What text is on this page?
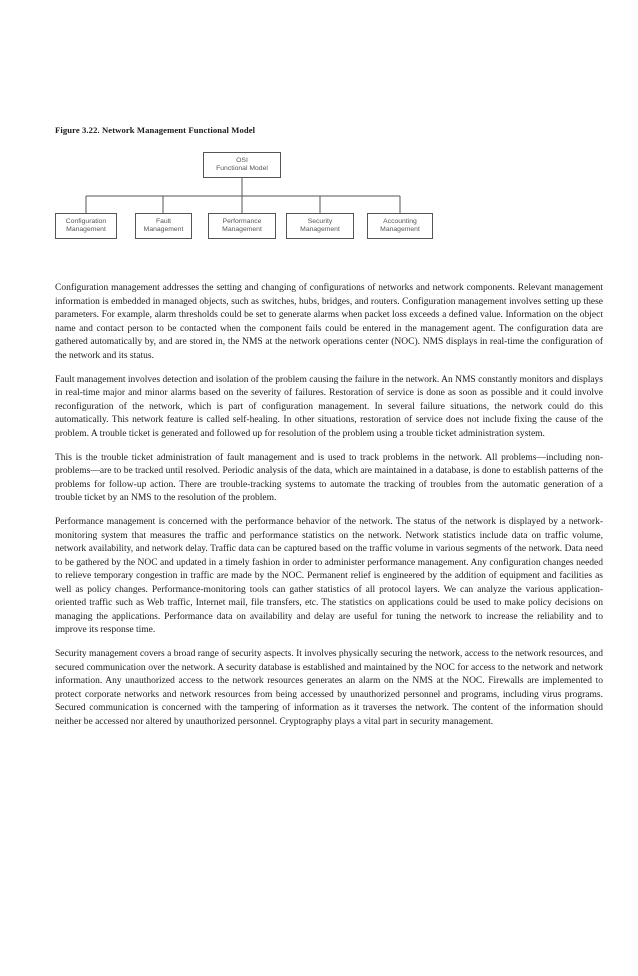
Figure 3.22. Network Management Functional Model
OSI
Functional Model
Configuration
Management
Fault
Management
Performance
Management
Security
Management
Accounting
Management

Configuration management addresses the setting and changing of configurations of networks and network components. Relevant management information is embedded in managed objects, such as switches, hubs, bridges, and routers. Configuration management involves setting up these parameters. For example, alarm thresholds could be set to generate alarms when packet loss exceeds a defined value. Information on the object name and contact person to be contacted when the component fails could be entered in the management agent. The configuration data are gathered automatically by, and are stored in, the NMS at the network operations center (NOC). NMS displays in real-time the configuration of the network and its status.

Fault management involves detection and isolation of the problem causing the failure in the network. An NMS constantly monitors and displays in real-time major and minor alarms based on the severity of failures. Restoration of service is done as soon as possible and it could involve reconfiguration of the network, which is part of configuration management. In several failure situations, the network could do this automatically. This network feature is called self-healing. In other situations, restoration of service does not include fixing the cause of the problem. A trouble ticket is generated and followed up for resolution of the problem using a trouble ticket administration system.

This is the trouble ticket administration of fault management and is used to track problems in the network. All problems—including non-problems—are to be tracked until resolved. Periodic analysis of the data, which are maintained in a database, is done to establish patterns of the problems for follow-up action. There are trouble-tracking systems to automate the tracking of troubles from the automatic generation of a trouble ticket by an NMS to the resolution of the problem.

Performance management is concerned with the performance behavior of the network. The status of the network is displayed by a network-monitoring system that measures the traffic and performance statistics on the network. Network statistics include data on traffic volume, network availability, and network delay. Traffic data can be captured based on the traffic volume in various segments of the network. Data need to be gathered by the NOC and updated in a timely fashion in order to administer performance management. Any configuration changes needed to relieve temporary congestion in traffic are made by the NOC. Permanent relief is engineered by the addition of equipment and facilities as well as policy changes. Performance-monitoring tools can gather statistics of all protocol layers. We can analyze the various application-oriented traffic such as Web traffic, Internet mail, file transfers, etc. The statistics on applications could be used to make policy decisions on managing the applications. Performance data on availability and delay are useful for tuning the network to increase the reliability and to improve its response time.

Security management covers a broad range of security aspects. It involves physically securing the network, access to the network resources, and secured communication over the network. A security database is established and maintained by the NOC for access to the network and network information. Any unauthorized access to the network resources generates an alarm on the NMS at the NOC. Firewalls are implemented to protect corporate networks and network resources from being accessed by unauthorized personnel and programs, including virus programs. Secured communication is concerned with the tampering of information as it traverses the network. The content of the information should neither be accessed nor altered by unauthorized personnel. Cryptography plays a vital part in security management.
